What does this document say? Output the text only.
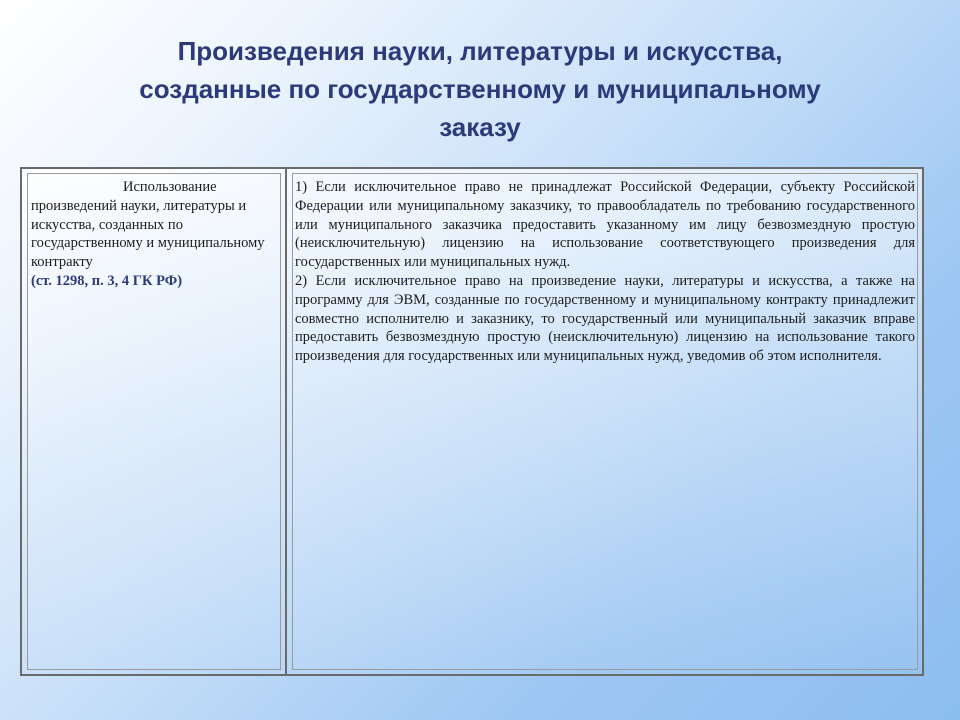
Произведения науки, литературы и искусства,
созданные по государственному и муниципальному
заказу
Использование
произведений науки, литературы и искусства, созданных по государственному и муниципальному контракту
(ст. 1298, п. 3, 4 ГК РФ)

1) Если исключительное право не принадлежат Российской Федерации, субъекту Российской Федерации или муниципальному заказчику, то правообладатель по требованию государственного или муниципального заказчика предоставить указанному им лицу безвозмездную простую (неисключительную) лицензию на использование соответствующего произведения для государственных или муниципальных нужд.

2) Если исключительное право на произведение науки, литературы и искусства, а также на программу для ЭВМ, созданные по государственному и муниципальному контракту принадлежит совместно исполнителю и заказнику, то государственный или муниципальный заказчик вправе предоставить безвозмездную простую (неисключительную) лицензию на использование такого произведения для государственных или муниципальных нужд, уведомив об этом исполнителя.
